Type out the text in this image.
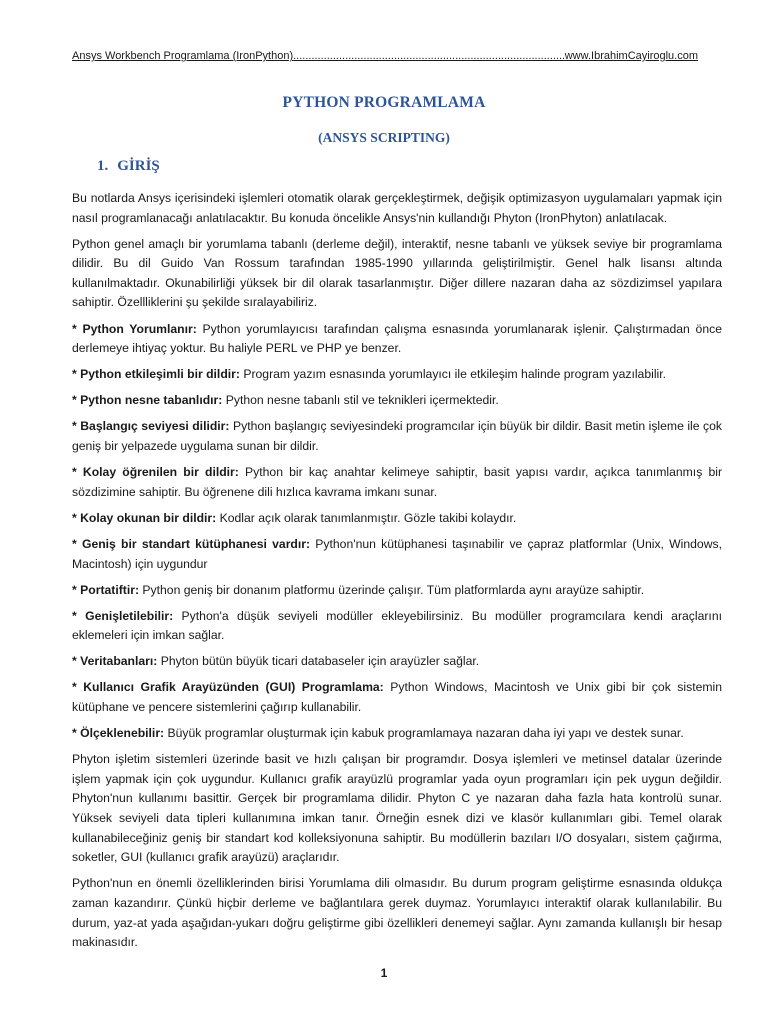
Ansys Workbench Programlama (IronPython)
.....	www.IbrahimCayiroglu.com
PYTHON PROGRAMLAMA
(ANSYS SCRIPTING)
1. GİRİŞ

Bu notlarda Ansys içerisindeki işlemleri otomatik olarak gerçekleştirmek, değişik optimizasyon uygulamaları yapmak için nasıl programlanacağı anlatılacaktır. Bu konuda öncelikle Ansys'nin kullandığı Phyton (IronPhyton) anlatılacak.

Python genel amaçlı bir yorumlama tabanlı (derleme değil), interaktif, nesne tabanlı ve yüksek seviye bir programlama dilidir. Bu dil Guido Van Rossum tarafından 1985-1990 yıllarında geliştirilmiştir. Genel halk lisansı altında kullanılmaktadır. Okunabilirliği yüksek bir dil olarak tasarlanmıştır. Diğer dillere nazaran daha az sözdizimsel yapılara sahiptir. Özellliklerini şu şekilde sıralayabiliriz.

* Python Yorumlanır: Python yorumlayıcısı tarafından çalışma esnasında yorumlanarak işlenir. Çalıştırmadan önce derlemeye ihtiyaç yoktur. Bu haliyle PERL ve PHP ye benzer.

* Python etkileşimli bir dildir: Program yazım esnasında yorumlayıcı ile etkileşim halinde program yazılabilir.

* Python nesne tabanlıdır: Python nesne tabanlı stil ve teknikleri içermektedir.

* Başlangıç seviyesi dilidir: Python başlangıç seviyesindeki programcılar için büyük bir dildir. Basit metin işleme ile çok geniş bir yelpazede uygulama sunan bir dildir.

* Kolay öğrenilen bir dildir: Python bir kaç anahtar kelimeye sahiptir, basit yapısı vardır, açıkca tanımlanmış bir sözdizimine sahiptir. Bu öğrenene dili hızlıca kavrama imkanı sunar.

* Kolay okunan bir dildir: Kodlar açık olarak tanımlanmıştır. Gözle takibi kolaydır.

* Geniş bir standart kütüphanesi vardır: Python'nun kütüphanesi taşınabilir ve çapraz platformlar (Unix, Windows, Macintosh) için uygundur

* Portatiftir: Python geniş bir donanım platformu üzerinde çalışır. Tüm platformlarda aynı arayüze sahiptir.

* Genişletilebilir: Python'a düşük seviyeli modüller ekleyebilirsiniz. Bu modüller programcılara kendi araçlarını eklemeleri için imkan sağlar.

* Veritabanları: Phyton bütün büyük ticari databaseler için arayüzler sağlar.

* Kullanıcı Grafik Arayüzünden (GUI) Programlama: Python Windows, Macintosh ve Unix gibi bir çok sistemin kütüphane ve pencere sistemlerini çağırıp kullanabilir.

* Ölçeklenebilir: Büyük programlar oluşturmak için kabuk programlamaya nazaran daha iyi yapı ve destek sunar.

Phyton işletim sistemleri üzerinde basit ve hızlı çalışan bir programdır. Dosya işlemleri ve metinsel datalar üzerinde işlem yapmak için çok uygundur. Kullanıcı grafik arayüzlü programlar yada oyun programları için pek uygun değildir. Phyton'nun kullanımı basittir. Gerçek bir programlama dilidir. Phyton C ye nazaran daha fazla hata kontrolü sunar. Yüksek seviyeli data tipleri kullanımına imkan tanır. Örneğin esnek dizi ve klasör kullanımları gibi. Temel olarak kullanabileceğiniz geniş bir standart kod kolleksiyonuna sahiptir. Bu modüllerin bazıları I/O dosyaları, sistem çağırma, soketler, GUI (kullanıcı grafik arayüzü) araçlarıdır.

Python'nun en önemli özelliklerinden birisi Yorumlama dili olmasıdır. Bu durum program geliştirme esnasında oldukça zaman kazandırır. Çünkü hiçbir derleme ve bağlantılara gerek duymaz. Yorumlayıcı interaktif olarak kullanılabilir. Bu durum, yaz-at yada aşağıdan-yukarı doğru geliştirme gibi özellikleri denemeyi sağlar. Aynı zamanda kullanışlı bir hesap makinasıdır.

1
